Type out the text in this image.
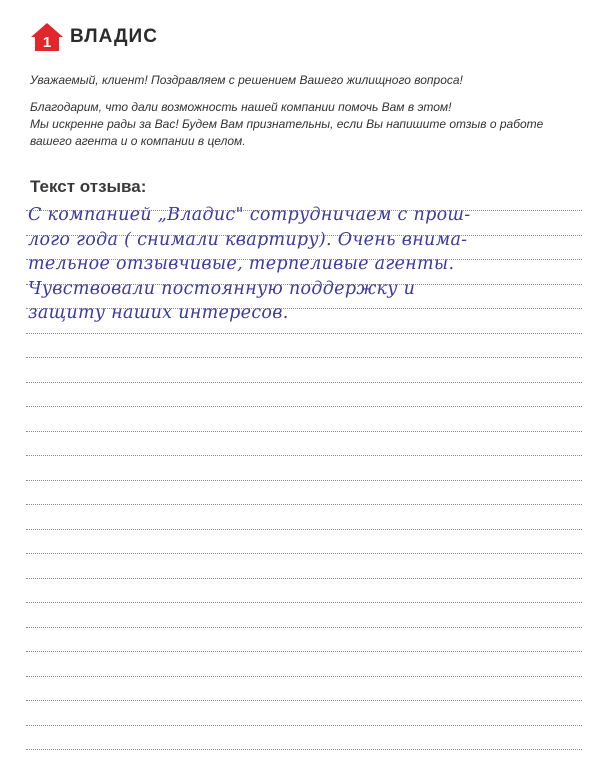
1 ВЛАДИС

Уважаемый, клиент! Поздравляем с решением Вашего жилищного вопроса!

Благодарим, что дали возможность нашей компании помочь Вам в этом!

Мы искренне рады за Вас! Будем Вам признательны, если Вы напишите отзыв о работе

вашего агента и о компании в целом.

Текст отзыва:
С компанией „Владис" сотрудничаем с прош-
лого года ( снимали квартиру). Очень внима-
тельное отзывчивые, терпеливые агенты.
Чувствовали постоянную поддержку и
защиту наших интересов.
